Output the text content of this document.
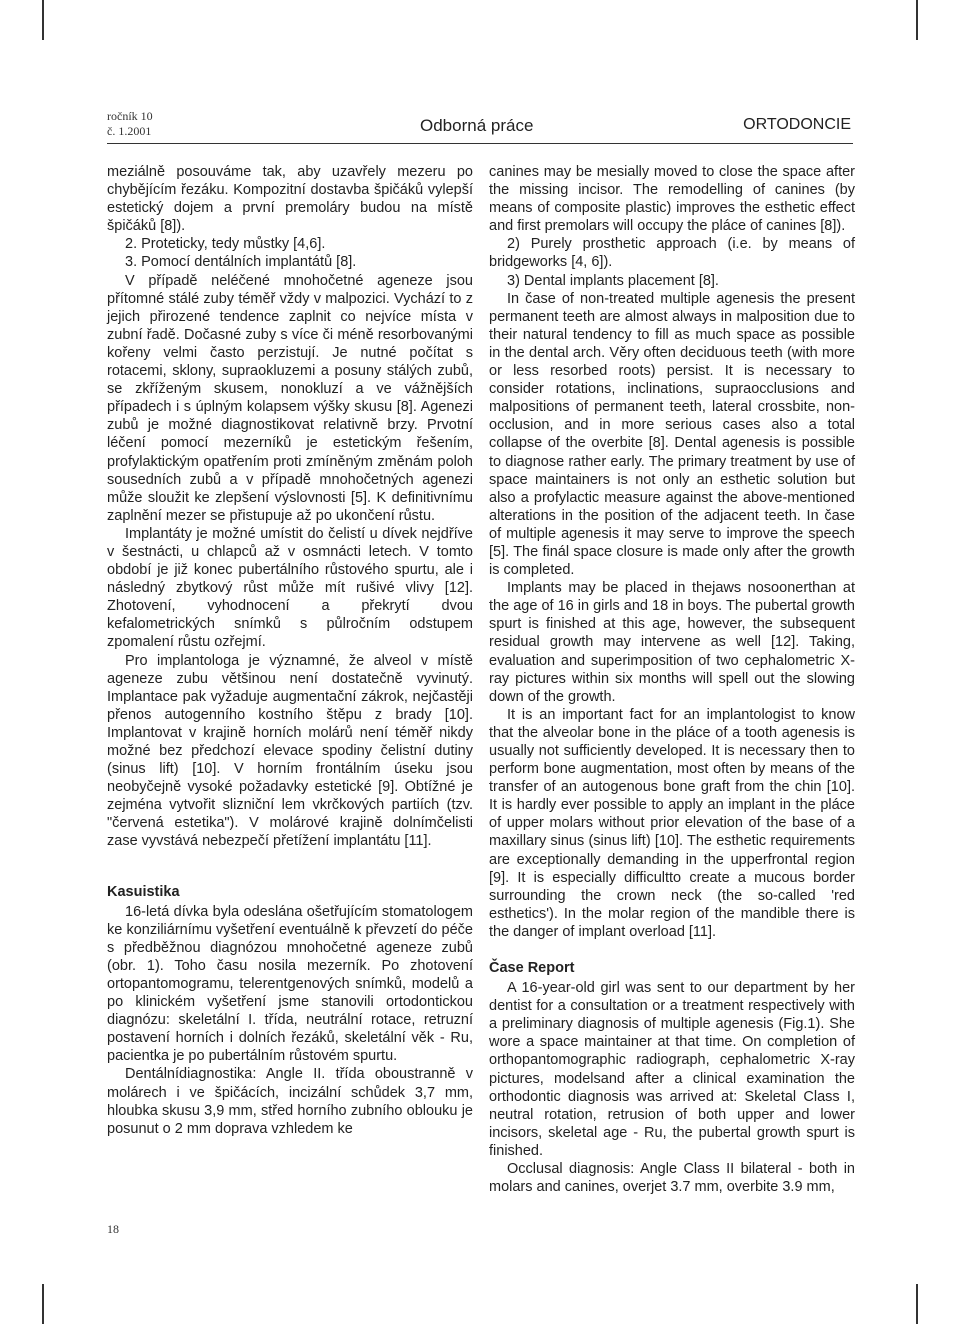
ročník 10
č. 1.2001	Odborná práce	ORTODONCIE

meziálně posouváme tak, aby uzavřely mezeru po chybějícím řezáku. Kompozitní dostavba špičáků vylepší estetický dojem a první premoláry budou na místě špičáků [8]).

2. Proteticky, tedy můstky [4,6].

3. Pomocí dentálních implantátů [8].

V případě neléčené mnohočetné ageneze jsou přítomné stálé zuby téměř vždy v malpozici. Vychází to z jejich přirozené tendence zaplnit co nejvíce místa v zubní řadě. Dočasné zuby s více či méně resorbovanými kořeny velmi často perzistují. Je nutné počítat s rotacemi, sklony, supraokluzemi a posuny stálých zubů, se zkříženým skusem, nonokluzí a ve vážnějších případech i s úplným kolapsem výšky skusu [8]. Agenezi zubů je možné diagnostikovat relativně brzy. Prvotní léčení pomocí mezerníků je estetickým řešením, profylaktickým opatřením proti zmíněným změnám poloh sousedních zubů a v případě mnohočetných agenezi může sloužit ke zlepšení výslovnosti [5]. K definitivnímu zaplnění mezer se přistupuje až po ukončení růstu.

Implantáty je možné umístit do čelistí u dívek nejdříve v šestnácti, u chlapců až v osmnácti letech. V tomto období je již konec pubertálního růstového spurtu, ale i následný zbytkový růst může mít rušivé vlivy [12]. Zhotovení, vyhodnocení a překrytí dvou kefalometrických snímků s půlročním odstupem zpomalení růstu ozřejmí.

Pro implantologa je významné, že alveol v místě ageneze zubu většinou není dostatečně vyvinutý. Implantace pak vyžaduje augmentační zákrok, nejčastěji přenos autogenního kostního štěpu z brady [10]. Implantovat v krajině horních molárů není téměř nikdy možné bez předchozí elevace spodiny čelistní dutiny (sinus lift) [10]. V horním frontálním úseku jsou neobyčejně vysoké požadavky estetické [9]. Obtížné je zejména vytvořit slizniční lem vkrčkových partiích (tzv. "červená estetika"). V molárové krajině dolnímčelisti zase vyvstává nebezpečí přetížení implantátu [11].

Kasuistika

16-letá dívka byla odeslána ošetřujícím stomatologem ke konziliárnímu vyšetření eventuálně k převzetí do péče s předběžnou diagnózou mnohočetné ageneze zubů (obr. 1). Toho času nosila mezerník. Po zhotovení ortopantomogramu, telerentgenových snímků, modelů a po klinickém vyšetření jsme stanovili ortodontickou diagnózu: skeletální I. třída, neutrální rotace, retruzní postavení horních i dolních řezáků, skeletální věk - Ru, pacientka je po pubertálním růstovém spurtu.

Dentálnídiagnostika: Angle II. třída oboustranně v molárech i ve špičácích, incizální schůdek 3,7 mm, hloubka skusu 3,9 mm, střed horního zubního oblouku je posunut o 2 mm doprava vzhledem ke

canines may be mesially moved to close the space after the missing incisor. The remodelling of canines (by means of composite plastic) improves the esthetic effect and first premolars will occupy the pláce of canines [8]).

2) Purely prosthetic approach (i.e. by means of bridgeworks [4, 6]).

3) Dental implants placement [8].

In čase of non-treated multiple agenesis the present permanent teeth are almost always in malposition due to their natural tendency to fill as much space as possible in the dental arch. Věry often deciduous teeth (with more or less resorbed roots) persist. It is necessary to consider rotations, inclinations, supraocclusions and malpositions of permanent teeth, lateral crossbite, non-occlusion, and in more serious cases also a total collapse of the overbite [8]. Dental agenesis is possible to diagnose rather early. The primary treatment by use of space maintainers is not only an esthetic solution but also a profylactic measure against the above-mentioned alterations in the position of the adjacent teeth. In čase of multiple agenesis it may serve to improve the speech [5]. The finál space closure is made only after the growth is completed.

Implants may be placed in thejaws nosoonerthan at the age of 16 in girls and 18 in boys. The pubertal growth spurt is finished at this age, however, the subsequent residual growth may intervene as well [12]. Taking, evaluation and superimposition of two cephalometric X-ray pictures within six months will spell out the slowing down of the growth.

It is an important fact for an implantologist to know that the alveolar bone in the pláce of a tooth agenesis is usually not sufficiently developed. It is necessary then to perform bone augmentation, most often by means of the transfer of an autogenous bone graft from the chin [10]. It is hardly ever possible to apply an implant in the pláce of upper molars without prior elevation of the base of a maxillary sinus (sinus lift) [10]. The esthetic requirements are exceptionally demanding in the upperfrontal region [9]. It is especially difficultto create a mucous border surrounding the crown neck (the so-called 'red esthetics'). In the molar region of the mandible there is the danger of implant overload [11].

Čase Report

A 16-year-old girl was sent to our department by her dentist for a consultation or a treatment respectively with a preliminary diagnosis of multiple agenesis (Fig.1). She wore a space maintainer at that time. On completion of orthopantomographic radiograph, cephalometric X-ray pictures, modelsand after a clinical examination the orthodontic diagnosis was arrived at: Skeletal Class I, neutral rotation, retrusion of both upper and lower incisors, skeletal age - Ru, the pubertal growth spurt is finished.

Occlusal diagnosis: Angle Class II bilateral - both in molars and canines, overjet 3.7 mm, overbite 3.9 mm,

18
